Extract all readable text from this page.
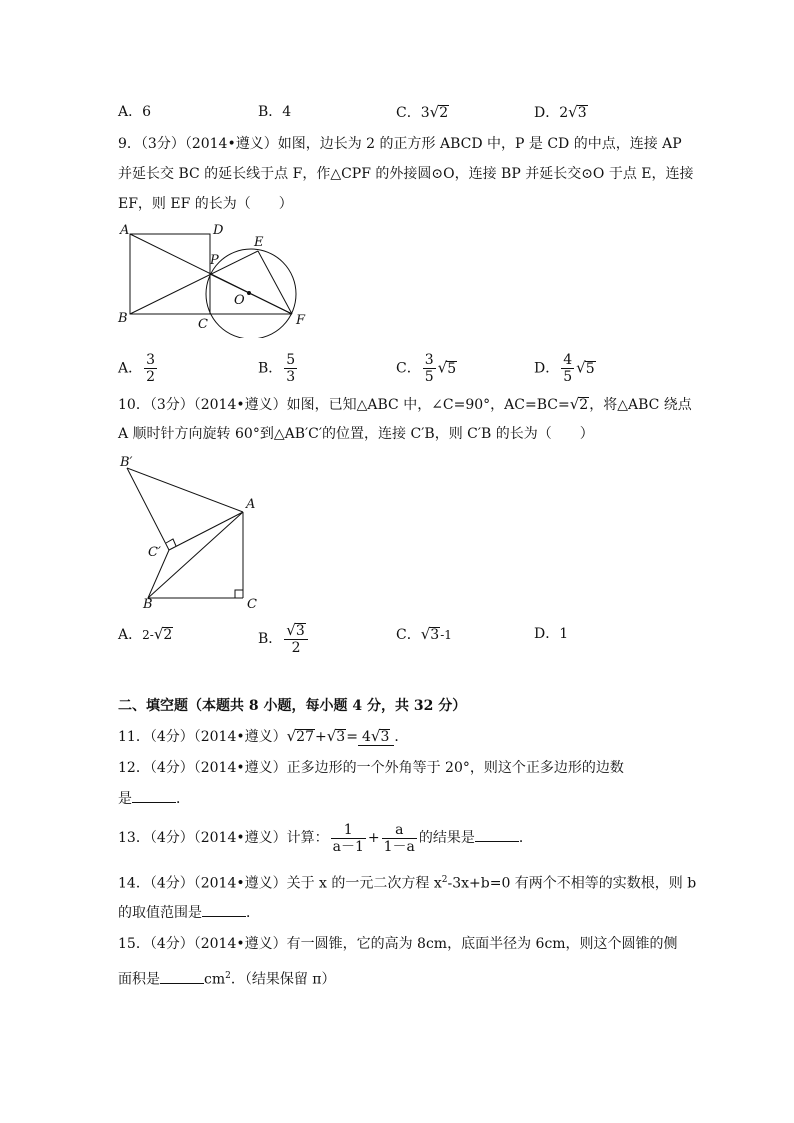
A．6	B．4	C．3√2	D．2√3
9．（3分）（2014•遵义）如图，边长为 2 的正方形 ABCD 中，P 是 CD 的中点，连接 AP
并延长交 BC 的延长线于点 F，作△CPF 的外接圆⊙O，连接 BP 并延长交⊙O 于点 E，连接
EF，则 EF 的长为（　　）
A	D
E
P
O
B	C	F
A． $\frac{3}{2}$	B． $\frac{5}{3}$	C． $\frac{3}{5} √5$	D． $\frac{4}{5} √5$
10．（3分）（2014•遵义）如图，已知△ABC 中，∠C=90°，AC=BC=√2，将△ABC 绕点
A 顺时针方向旋转 60°到△AB′C′的位置，连接 C′B，则 C′B 的长为（　　）
B′
A
C′
B	C
A．2-√2	B． $\frac{√3}{2}$	C．√3-1	D．1
二、填空题（本题共 8 小题，每小题 4 分，共 32 分）
11．（4分）（2014•遵义）√27+√3= 4√3 ．
12．（4分）（2014•遵义）正多边形的一个外角等于 20°，则这个正多边形的边数
是	．
13．（4分）（2014•遵义）计算： $\frac{1}{a-1} + \frac{a}{1-a}$ 的结果是	．
14．（4分）（2014•遵义）关于 x 的一元二次方程 $x^2-3x+b=0$ 有两个不相等的实数根，则 b
的取值范围是	．
15．（4分）（2014•遵义）有一圆锥，它的高为 8cm，底面半径为 6cm，则这个圆锥的侧
面积是	$cm^2$．（结果保留 π）
